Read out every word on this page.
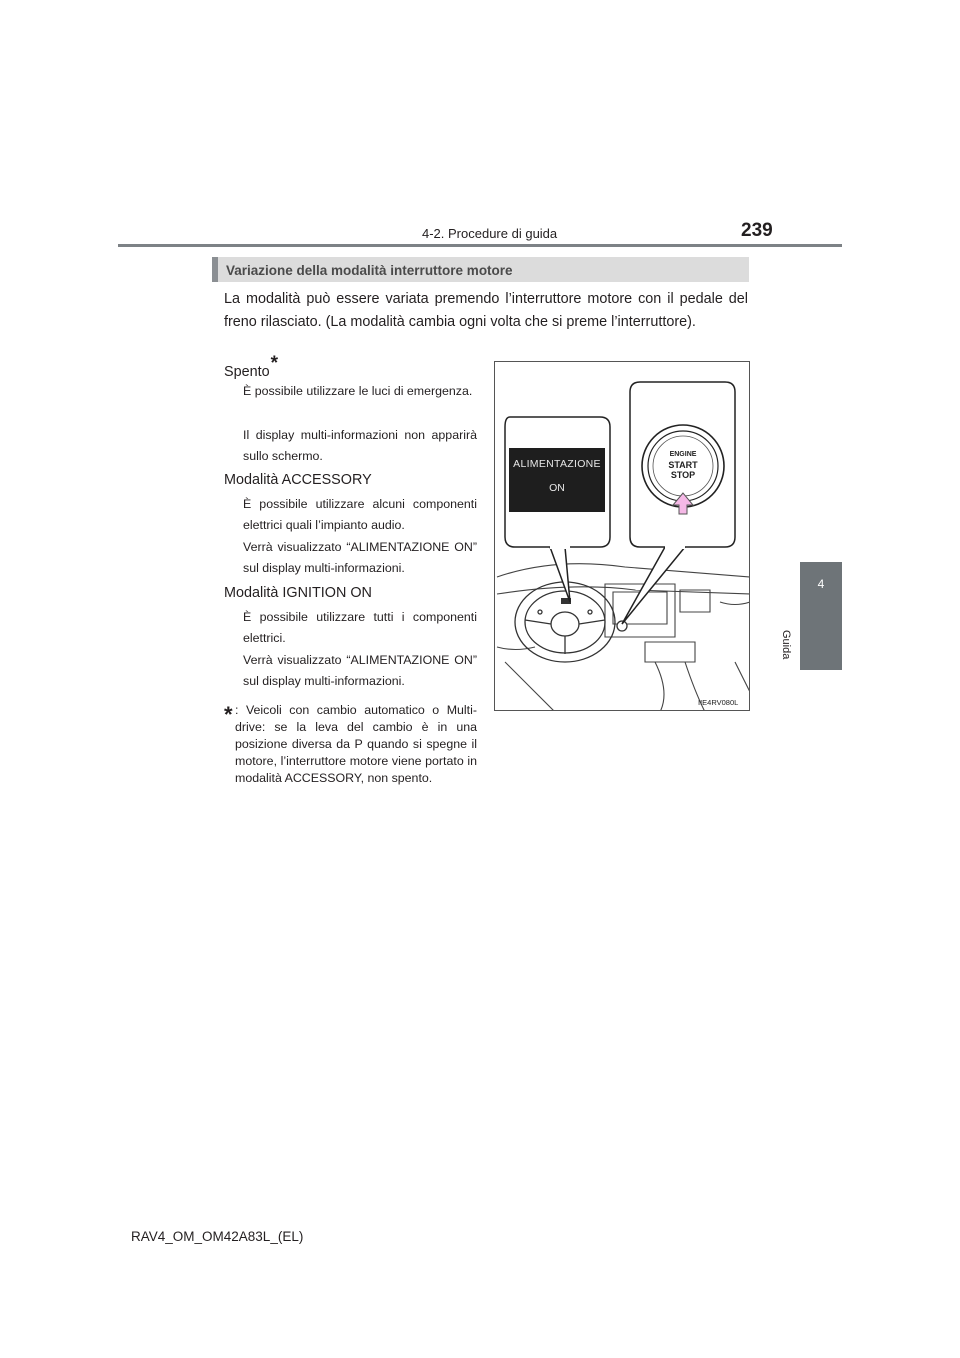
4-2. Procedure di guida	239
4
Guida
Variazione della modalità interruttore motore
La modalità può essere variata premendo l’interruttore motore con il pedale del freno rilasciato. (La modalità cambia ogni volta che si preme l’interruttore).
Spento*
È possibile utilizzare le luci di emergenza.
Il display multi-informazioni non apparirà sullo schermo.
Modalità ACCESSORY
È possibile utilizzare alcuni componenti elettrici quali l’impianto audio.
Verrà visualizzato “ALIMENTAZIONE ON” sul display multi-informazioni.
Modalità IGNITION ON
È possibile utilizzare tutti i componenti elettrici.
Verrà visualizzato “ALIMENTAZIONE ON” sul display multi-informazioni.
* : Veicoli con cambio automatico o Multidrive: se la leva del cambio è in una posizione diversa da P quando si spegne il motore, l’interruttore motore viene portato in modalità ACCESSORY, non spento.
ALIMENTAZIONE
ON
ENGINE
START
STOP
IIE4RV080L
RAV4_OM_OM42A83L_(EL)
